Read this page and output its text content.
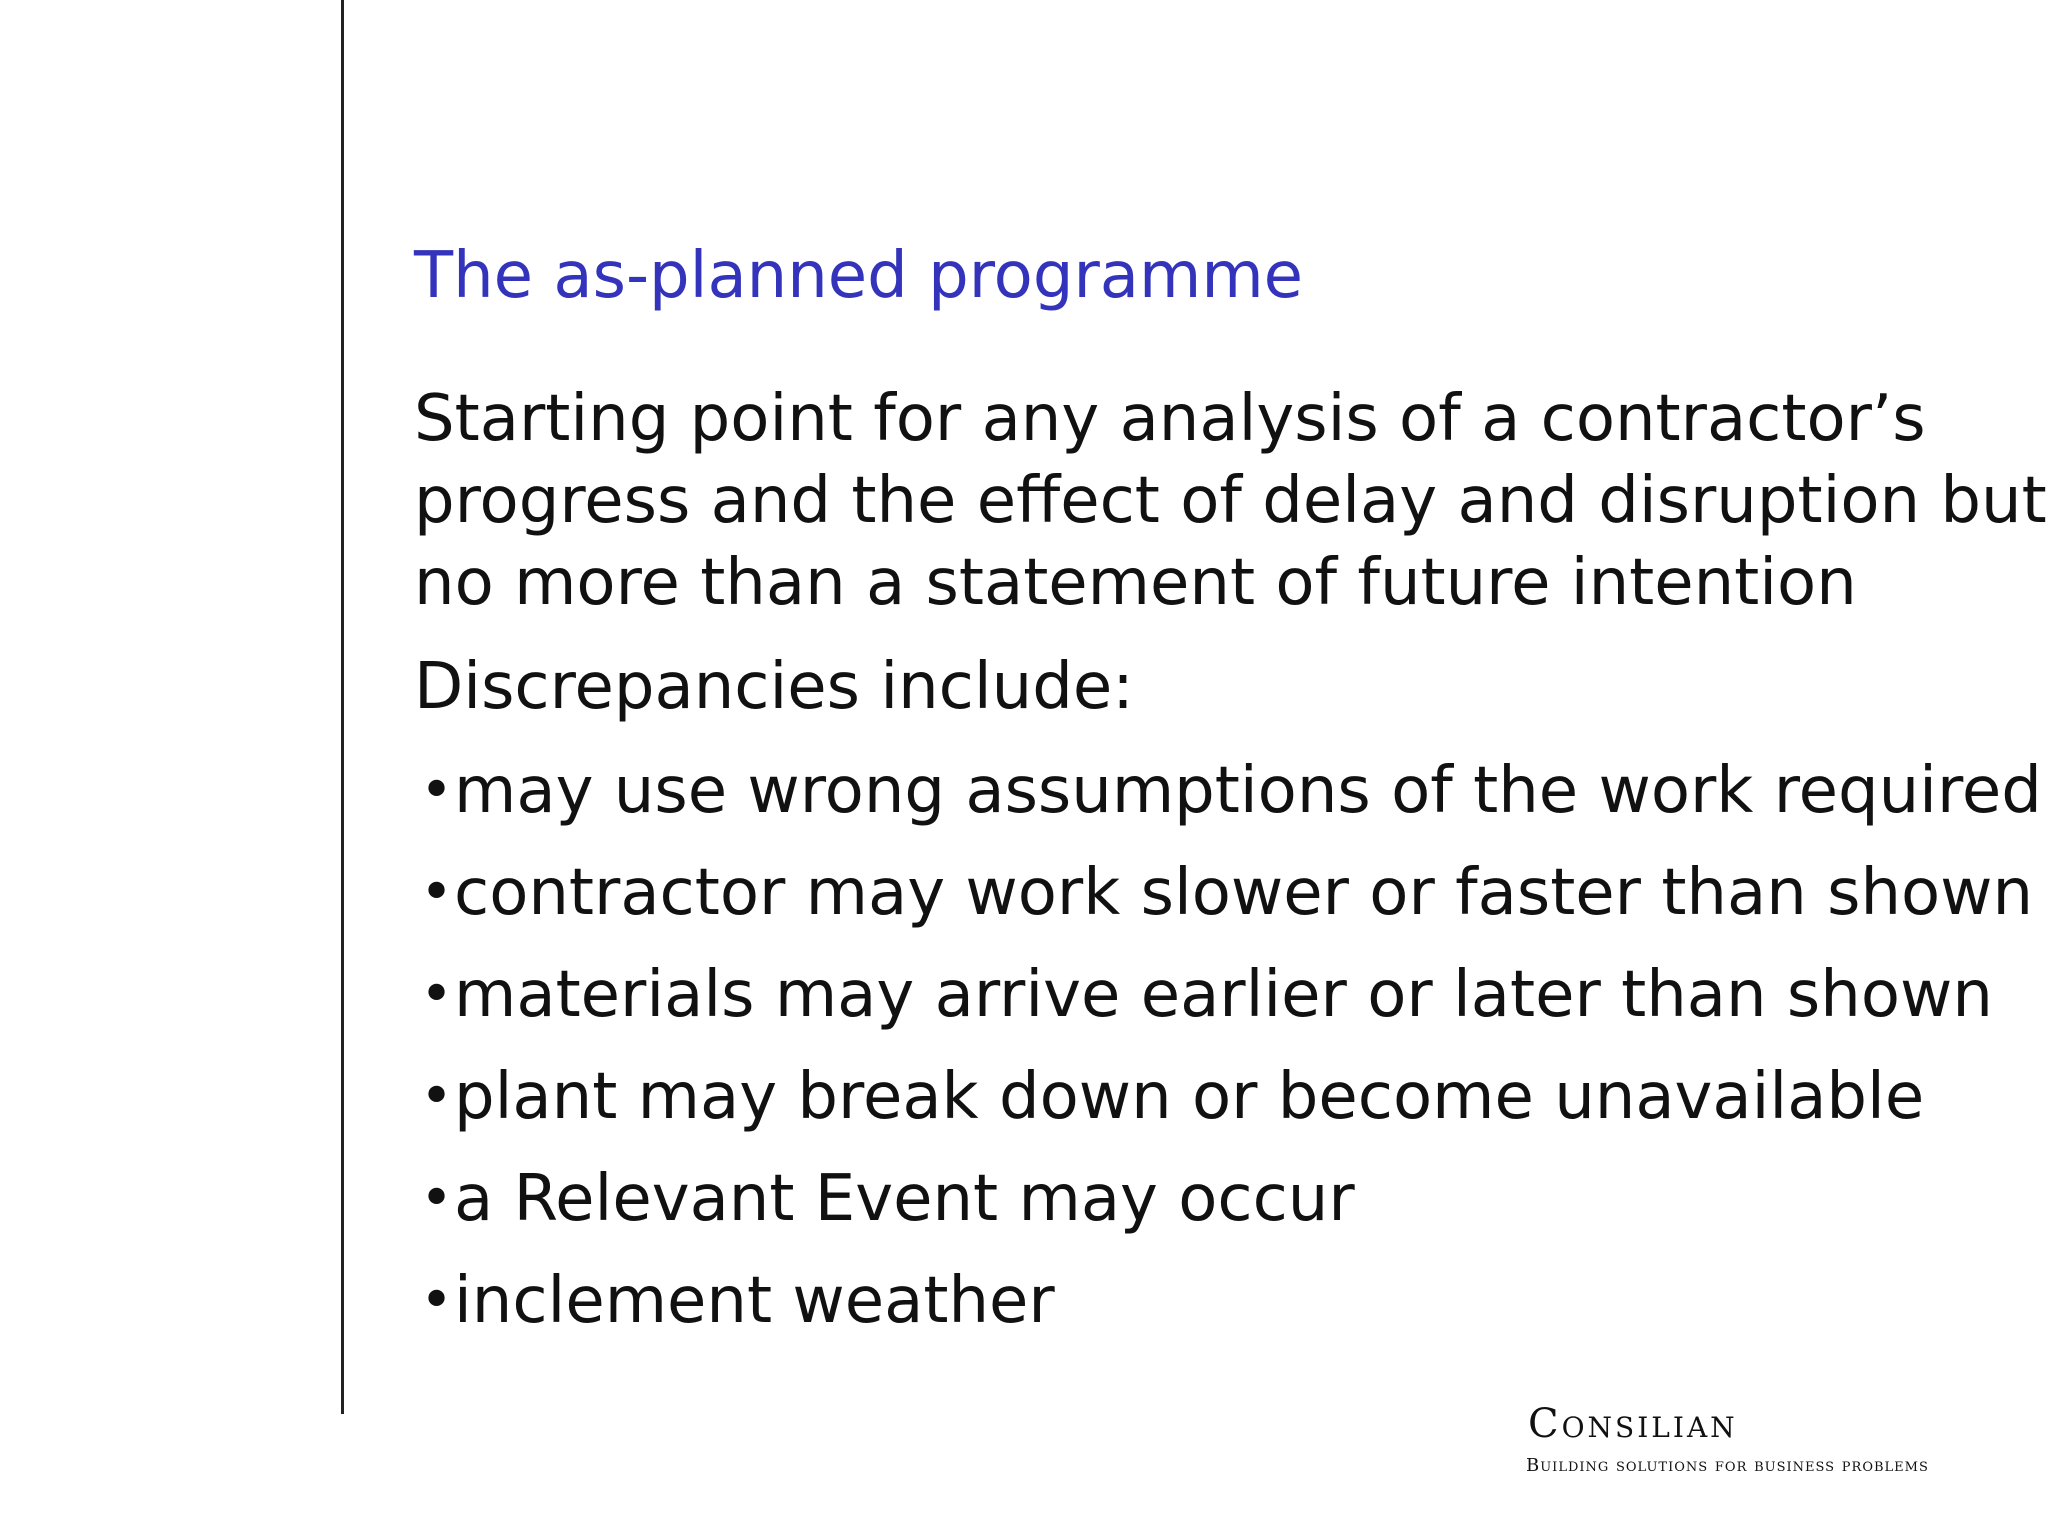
The as-planned programme

Starting point for any analysis of a contractor’s
progress and the effect of delay and disruption but
no more than a statement of future intention

Discrepancies include:

• may use wrong assumptions of the work required
• contractor may work slower or faster than shown
• materials may arrive earlier or later than shown
• plant may break down or become unavailable
• a Relevant Event may occur
• inclement weather
Consilian
Building solutions for business problems
